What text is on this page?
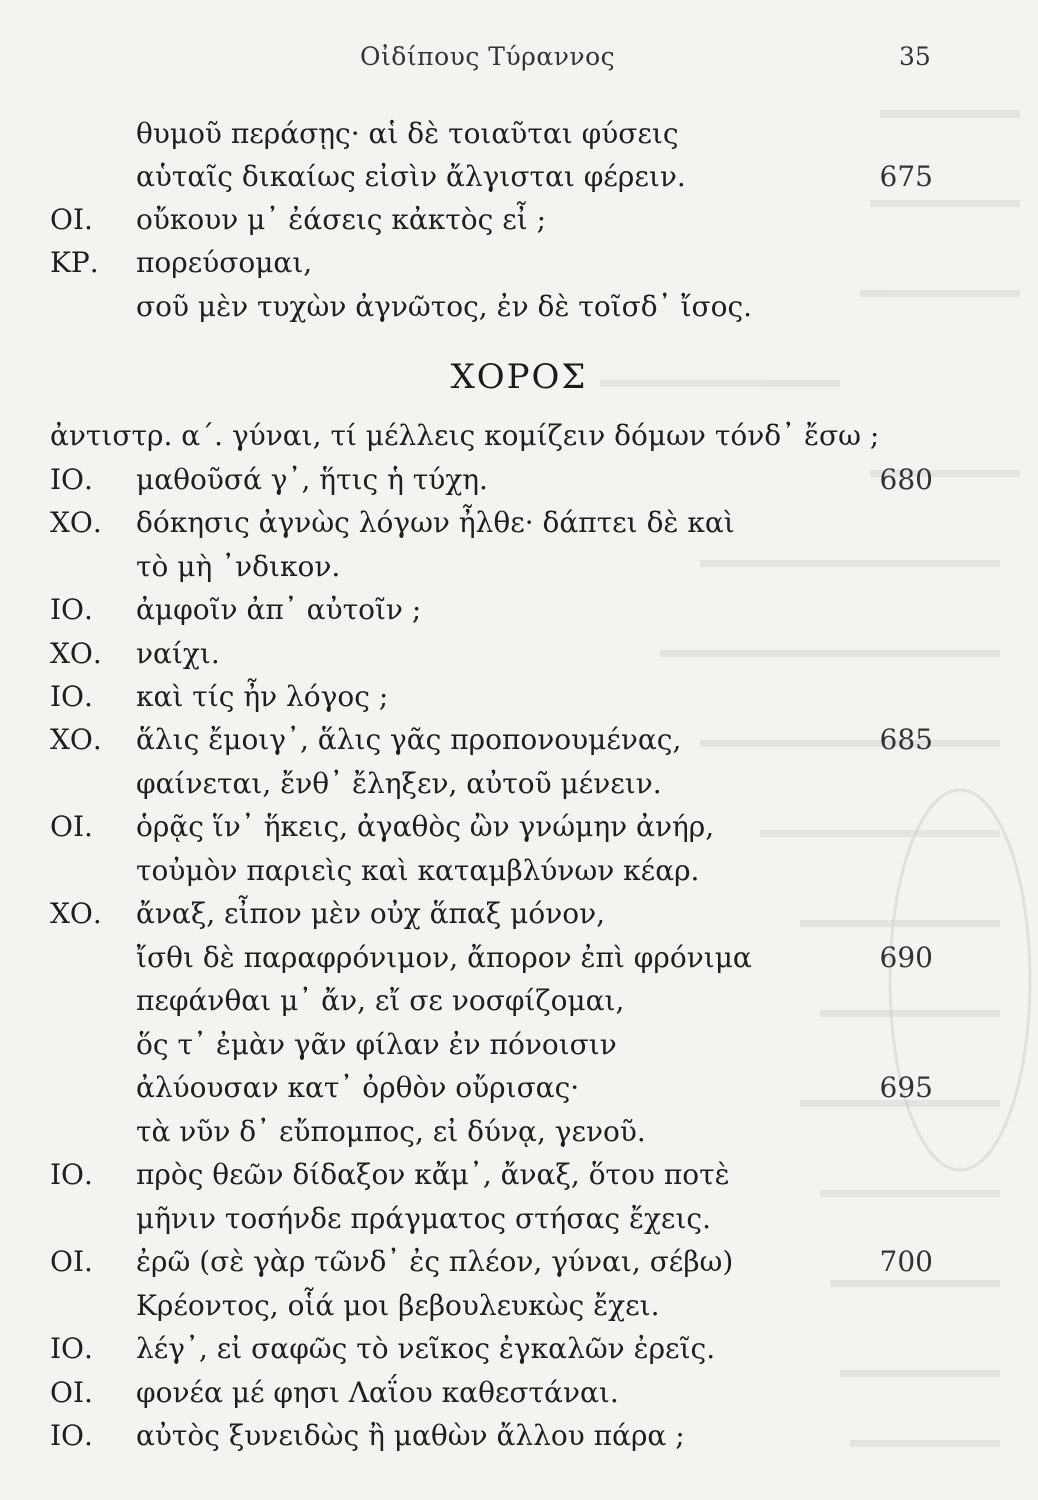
Οἰδίπους Τύραννος	35
ΧΟΡΟΣ
θυμοῦ περάσῃς· αἱ δὲ τοιαῦται φύσεις
αὑταῖς δικαίως εἰσὶν ἄλγισται φέρειν.	675
ΟΙ. οὔκουν μ᾽ ἐάσεις κἀκτὸς εἶ ;
ΚΡ. πορεύσομαι,
σοῦ μὲν τυχὼν ἀγνῶτος, ἐν δὲ τοῖσδ᾽ ἴσος.
ἀντιστρ. α΄. γύναι, τί μέλλεις κομίζειν δόμων τόνδ᾽ ἔσω ;
ΙΟ. μαθοῦσά γ᾽, ἥτις ἡ τύχη.	680
ΧΟ. δόκησις ἀγνὼς λόγων ἦλθε· δάπτει δὲ καὶ
τὸ μὴ ᾽νδικον.
ΙΟ. ἀμφοῖν ἀπ᾽ αὐτοῖν ;
ΧΟ. ναίχι.
ΙΟ. καὶ τίς ἦν λόγος ;
ΧΟ. ἅλις ἔμοιγ᾽, ἅλις γᾶς προπονουμένας,	685
φαίνεται, ἔνθ᾽ ἔληξεν, αὐτοῦ μένειν.
ΟΙ. ὁρᾷς ἵν᾽ ἥκεις, ἀγαθὸς ὢν γνώμην ἀνήρ,
τοὐμὸν παριεὶς καὶ καταμβλύνων κέαρ.
ΧΟ. ἄναξ, εἶπον μὲν οὐχ ἅπαξ μόνον,
ἴσθι δὲ παραφρόνιμον, ἄπορον ἐπὶ φρόνιμα	690
πεφάνθαι μ᾽ ἄν, εἴ σε νοσφίζομαι,
ὅς τ᾽ ἐμὰν γᾶν φίλαν ἐν πόνοισιν
ἀλύουσαν κατ᾽ ὀρθὸν οὔρισας·	695
τὰ νῦν δ᾽ εὔπομπος, εἰ δύνᾳ, γενοῦ.
ΙΟ. πρὸς θεῶν δίδαξον κἄμ᾽, ἄναξ, ὅτου ποτὲ
μῆνιν τοσήνδε πράγματος στήσας ἔχεις.
ΟΙ. ἐρῶ (σὲ γὰρ τῶνδ᾽ ἐς πλέον, γύναι, σέβω)	700
Κρέοντος, οἷά μοι βεβουλευκὼς ἔχει.
ΙΟ. λέγ᾽, εἰ σαφῶς τὸ νεῖκος ἐγκαλῶν ἐρεῖς.
ΟΙ. φονέα μέ φησι Λαΐου καθεστάναι.
ΙΟ. αὐτὸς ξυνειδὼς ἢ μαθὼν ἄλλου πάρα ;
